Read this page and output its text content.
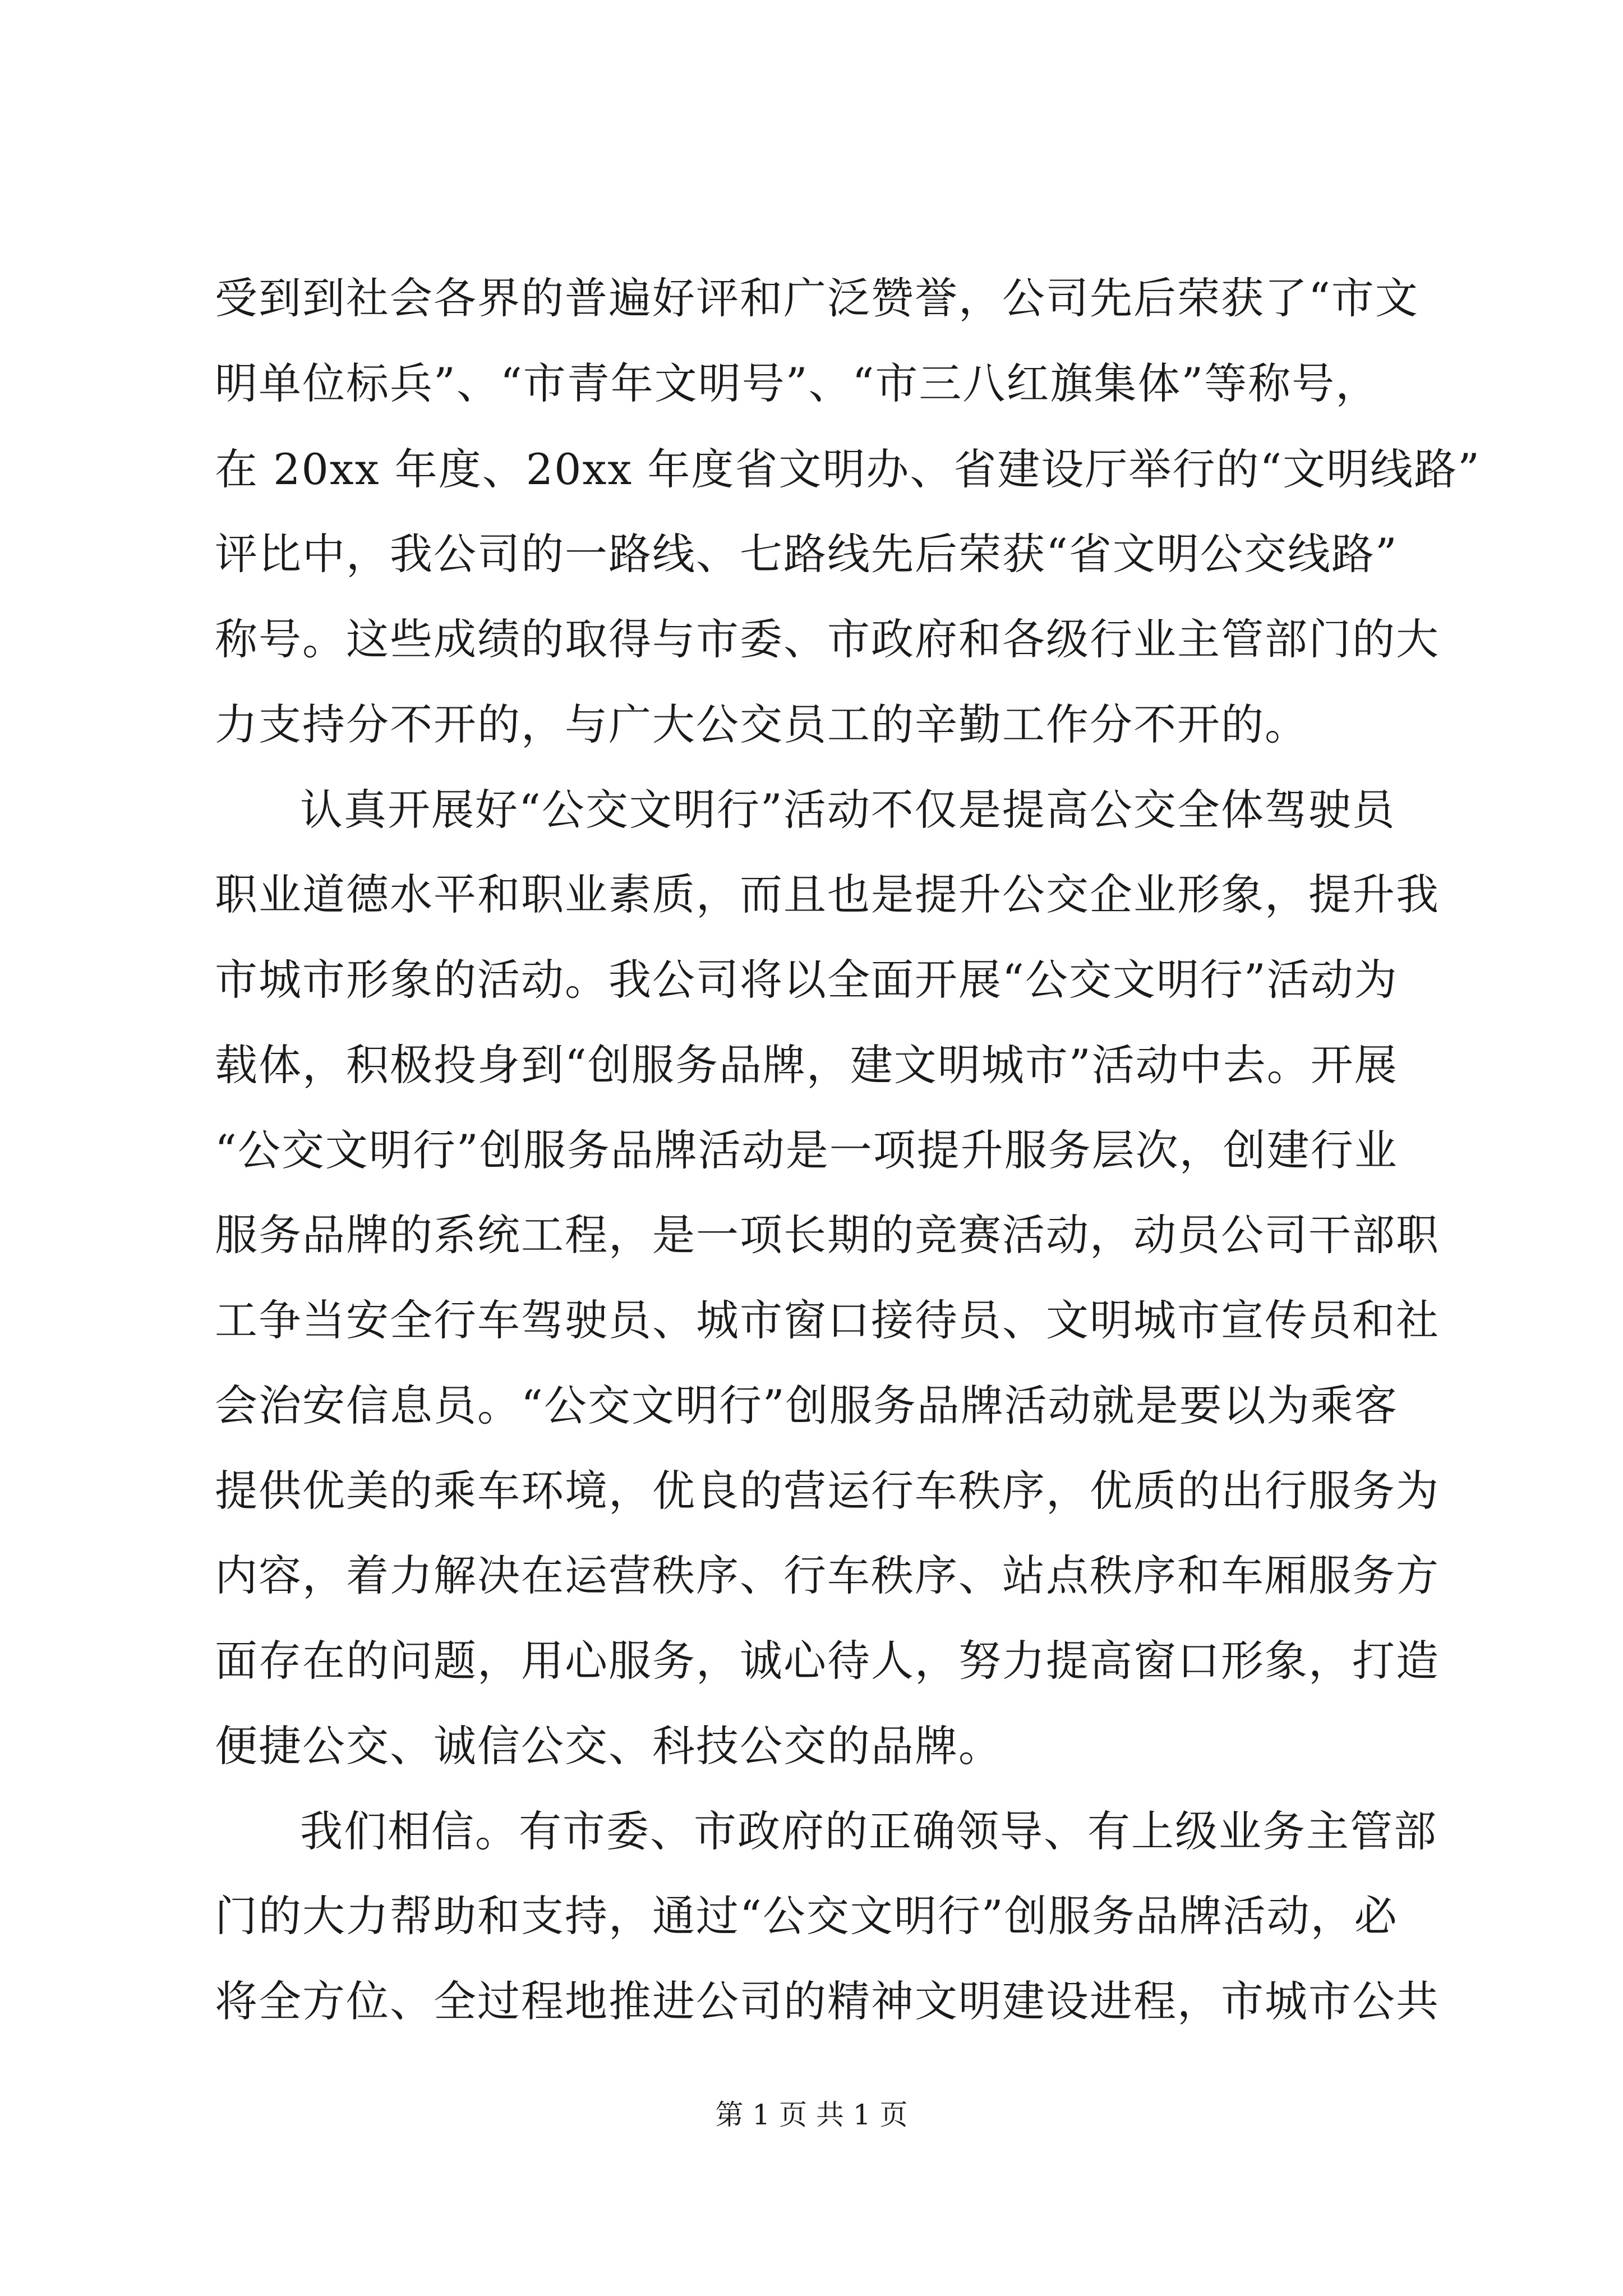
受到到社会各界的普遍好评和广泛赞誉，公司先后荣获了“市文
明单位标兵”、“市青年文明号”、“市三八红旗集体”等称号，
在 20xx 年度、20xx 年度省文明办、省建设厅举行的“文明线路”
评比中，我公司的一路线、七路线先后荣获“省文明公交线路”
称号。这些成绩的取得与市委、市政府和各级行业主管部门的大
力支持分不开的，与广大公交员工的辛勤工作分不开的。
认真开展好“公交文明行”活动不仅是提高公交全体驾驶员
职业道德水平和职业素质，而且也是提升公交企业形象，提升我
市城市形象的活动。我公司将以全面开展“公交文明行”活动为
载体，积极投身到“创服务品牌，建文明城市”活动中去。开展
“公交文明行”创服务品牌活动是一项提升服务层次，创建行业
服务品牌的系统工程，是一项长期的竞赛活动，动员公司干部职
工争当安全行车驾驶员、城市窗口接待员、文明城市宣传员和社
会治安信息员。“公交文明行”创服务品牌活动就是要以为乘客
提供优美的乘车环境，优良的营运行车秩序，优质的出行服务为
内容，着力解决在运营秩序、行车秩序、站点秩序和车厢服务方
面存在的问题，用心服务，诚心待人，努力提高窗口形象，打造
便捷公交、诚信公交、科技公交的品牌。
我们相信。有市委、市政府的正确领导、有上级业务主管部
门的大力帮助和支持，通过“公交文明行”创服务品牌活动，必
将全方位、全过程地推进公司的精神文明建设进程，市城市公共
第 1 页 共 1 页
